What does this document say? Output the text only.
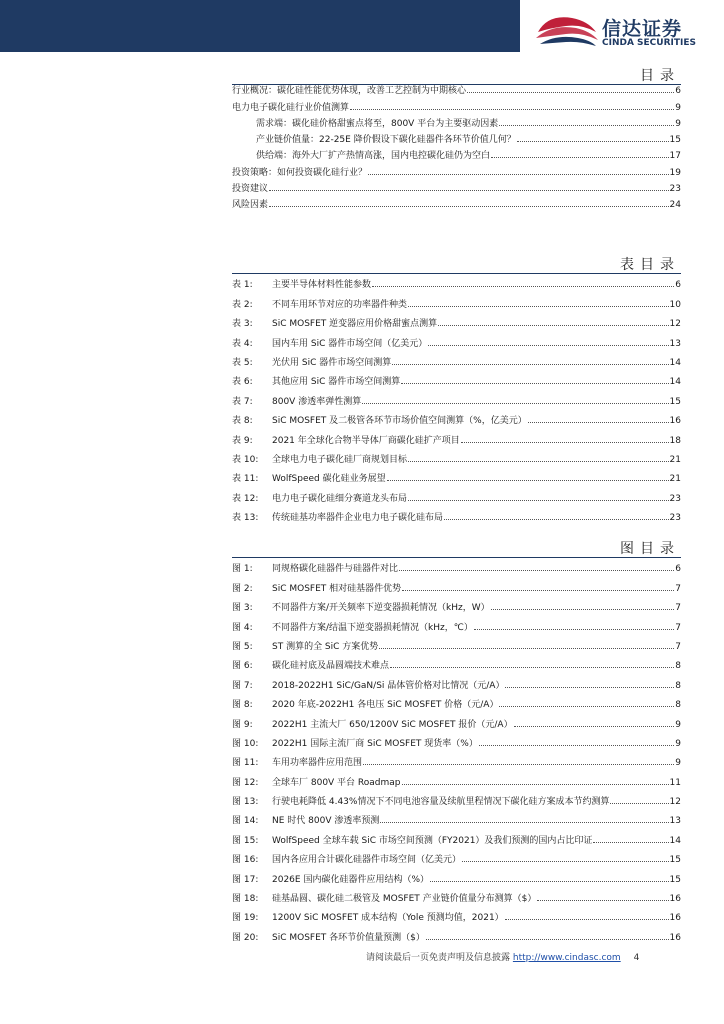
信达证券
CINDA SECURITIES
目录
行业概况：碳化硅性能优势体现，改善工艺控制为中期核心	6
电力电子碳化硅行业价值测算	9
需求端：碳化硅价格甜蜜点将至，800V 平台为主要驱动因素	9
产业链价值量：22-25E 降价假设下碳化硅器件各环节价值几何？	15
供给端：海外大厂扩产热情高涨，国内电控碳化硅仍为空白	17
投资策略：如何投资碳化硅行业？	19
投资建议	23
风险因素	24
表目录
表 1:	主要半导体材料性能参数	6
表 2:	不同车用环节对应的功率器件种类	10
表 3:	SiC MOSFET 逆变器应用价格甜蜜点测算	12
表 4:	国内车用 SiC 器件市场空间（亿美元）	13
表 5:	光伏用 SiC 器件市场空间测算	14
表 6:	其他应用 SiC 器件市场空间测算	14
表 7:	800V 渗透率弹性测算	15
表 8:	SiC MOSFET 及二极管各环节市场价值空间测算（%，亿美元）	16
表 9:	2021 年全球化合物半导体厂商碳化硅扩产项目	18
表 10:	全球电力电子碳化硅厂商规划目标	21
表 11:	WolfSpeed 碳化硅业务展望	21
表 12:	电力电子碳化硅细分赛道龙头布局	23
表 13:	传统硅基功率器件企业电力电子碳化硅布局	23
图目录
图 1:	同规格碳化硅器件与硅器件对比	6
图 2:	SiC MOSFET 相对硅基器件优势	7
图 3:	不同器件方案/开关频率下逆变器损耗情况（kHz，W）	7
图 4:	不同器件方案/结温下逆变器损耗情况（kHz，℃）	7
图 5:	ST 测算的全 SiC 方案优势	7
图 6:	碳化硅衬底及晶圆端技术难点	8
图 7:	2018-2022H1 SiC/GaN/Si 晶体管价格对比情况（元/A）	8
图 8:	2020 年底-2022H1 各电压 SiC MOSFET 价格（元/A）	8
图 9:	2022H1 主流大厂 650/1200V SiC MOSFET 报价（元/A）	9
图 10:	2022H1 国际主流厂商 SiC MOSFET 现货率（%）	9
图 11:	车用功率器件应用范围	9
图 12:	全球车厂 800V 平台 Roadmap	11
图 13:	行驶电耗降低 4.43%情况下不同电池容量及续航里程情况下碳化硅方案成本节约测算	12
图 14:	NE 时代 800V 渗透率预测	13
图 15:	WolfSpeed 全球车载 SiC 市场空间预测（FY2021）及我们预测的国内占比印证	14
图 16:	国内各应用合计碳化硅器件市场空间（亿美元）	15
图 17:	2026E 国内碳化硅器件应用结构（%）	15
图 18:	硅基晶圆、碳化硅二极管及 MOSFET 产业链价值量分布测算（$）	16
图 19:	1200V SiC MOSFET 成本结构（Yole 预测均值，2021）	16
图 20:	SiC MOSFET 各环节价值量预测（$）	16
请阅读最后一页免责声明及信息披露 http://www.cindasc.com 4
